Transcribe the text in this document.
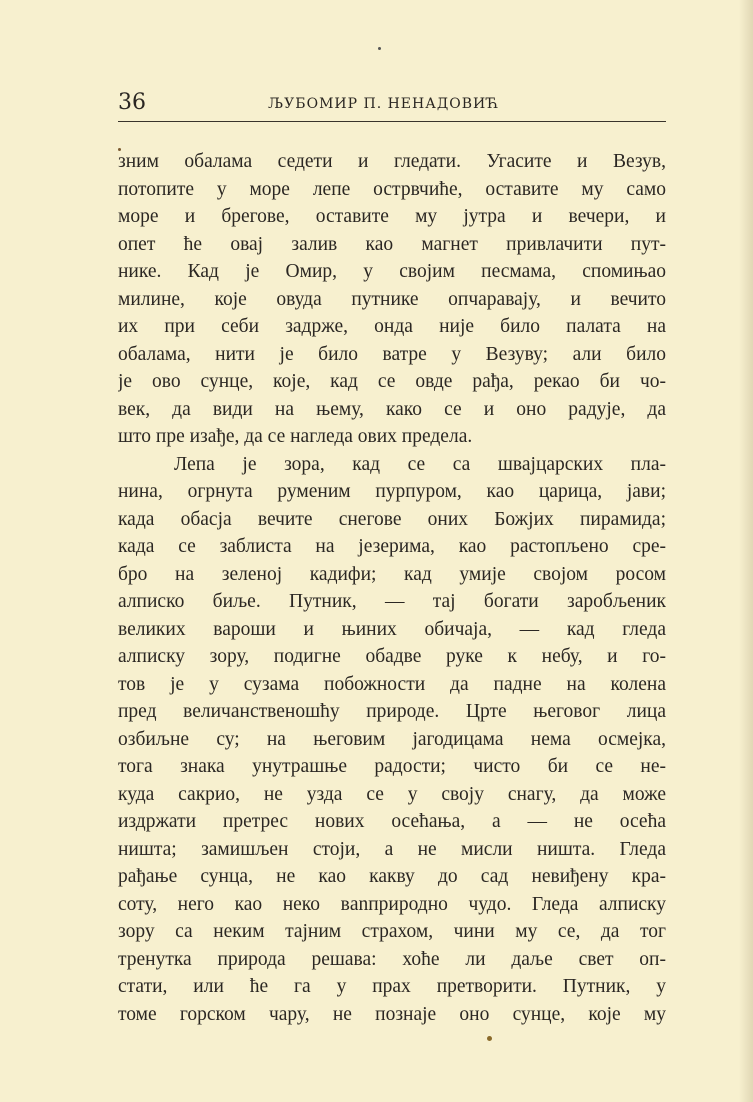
36	ЉУБОМИР П. НЕНАДОВИЋ
зним обалама седети и гледати. Угасите и Везув,
потопите у море лепе острвчиће, оставите му само
море и брегове, оставите му јутра и вечери, и
опет ће овај залив као магнет привлачити пут-
нике. Кад је Омир, у својим песмама, спомињао
милине, које овуда путнике опчаравају, и вечито
их при себи задрже, онда није било палата на
обалама, нити је било ватре у Везуву; али било
је ово сунце, које, кад се овде рађа, рекао би чо-
век, да види на њему, како се и оно радује, да
што пре изађе, да се нагледа ових предела.
Лепа је зора, кад се са швајцарских пла-
нина, огрнута руменим пурпуром, као царица, јави;
када обасја вечите снегове оних Божјих пирамида;
када се заблиста на језерима, као растопљено сре-
бро на зеленој кадифи; кад умије својом росом
алписко биље. Путник, — тај богати заробљеник
великих вароши и њиних обичаја, — кад гледа
алписку зору, подигне обадве руке к небу, и го-
тов је у сузама побожности да падне на колена
пред величанственошћу природе. Црте његовог лица
озбиљне су; на његовим јагодицама нема осмејка,
тога знака унутрашње радости; чисто би се не-
куда сакрио, не узда се у своју снагу, да може
издржати претрес нових осећања, а — не осећа
ништа; замишљен стоји, а не мисли ништа. Гледа
рађање сунца, не као какву до сад невиђену кра-
соту, него као неко вanприродно чудо. Гледа алписку
зору са неким тајним страхом, чини му се, да тог
тренутка природа решава: хоће ли даље свет оп-
стати, или ће га у прах претворити. Путник, у
томе горском чару, не познаје оно сунце, које му
